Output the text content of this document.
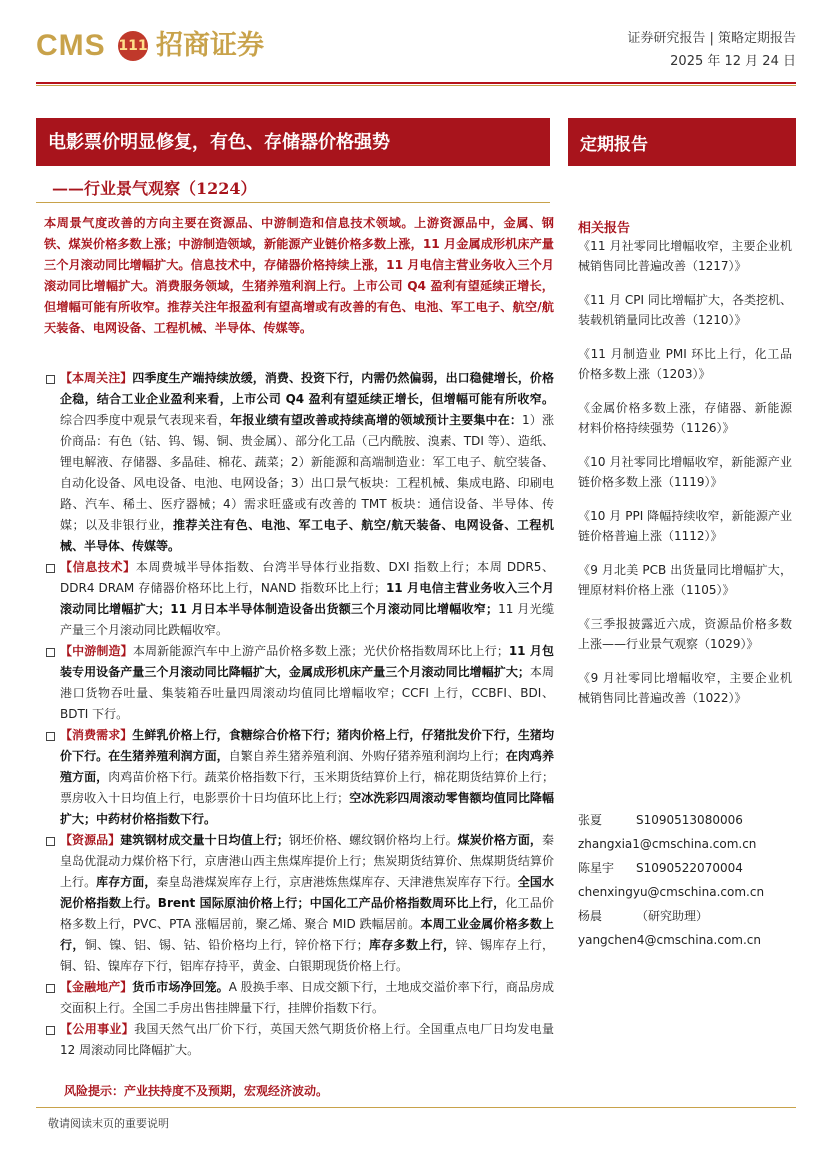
CMS 111 招商证券	证券研究报告 | 策略定期报告
2025 年 12 月 24 日
电影票价明显修复，有色、存储器价格强势
——行业景气观察（1224）
定期报告
本周景气度改善的方向主要在资源品、中游制造和信息技术领域。上游资源品中，金属、钢铁、煤炭价格多数上涨；中游制造领域，新能源产业链价格多数上涨，11 月金属成形机床产量三个月滚动同比增幅扩大。信息技术中，存储器价格持续上涨，11 月电信主营业务收入三个月滚动同比增幅扩大。消费服务领域，生猪养殖利润上行。上市公司 Q4 盈利有望延续正增长，但增幅可能有所收窄。推荐关注年报盈利有望高增或有改善的有色、电池、军工电子、航空/航天装备、电网设备、工程机械、半导体、传媒等。
【本周关注】四季度生产端持续放缓，消费、投资下行，内需仍然偏弱，出口稳健增长，价格企稳，结合工业企业盈利来看，上市公司 Q4 盈利有望延续正增长，但增幅可能有所收窄。综合四季度中观景气表现来看，年报业绩有望改善或持续高增的领域预计主要集中在：1）涨价商品：有色（钴、钨、锡、铜、贵金属）、部分化工品（己内酰胺、溴素、TDI 等）、造纸、锂电解液、存储器、多晶硅、棉花、蔬菜；2）新能源和高端制造业：军工电子、航空装备、自动化设备、风电设备、电池、电网设备；3）出口景气板块：工程机械、集成电路、印刷电路、汽车、稀土、医疗器械；4）需求旺盛或有改善的 TMT 板块：通信设备、半导体、传媒；以及非银行业，推荐关注有色、电池、军工电子、航空/航天装备、电网设备、工程机械、半导体、传媒等。
【信息技术】本周费城半导体指数、台湾半导体行业指数、DXI 指数上行；本周 DDR5、DDR4 DRAM 存储器价格环比上行，NAND 指数环比上行；11 月电信主营业务收入三个月滚动同比增幅扩大；11 月日本半导体制造设备出货额三个月滚动同比增幅收窄；11 月光缆产量三个月滚动同比跌幅收窄。
【中游制造】本周新能源汽车中上游产品价格多数上涨；光伏价格指数周环比上行；11 月包装专用设备产量三个月滚动同比降幅扩大，金属成形机床产量三个月滚动同比增幅扩大；本周港口货物吞吐量、集装箱吞吐量四周滚动均值同比增幅收窄；CCFI 上行，CCBFI、BDI、BDTI 下行。
【消费需求】生鲜乳价格上行，食糖综合价格下行；猪肉价格上行，仔猪批发价下行，生猪均价下行。在生猪养殖利润方面，自繁自养生猪养殖利润、外购仔猪养殖利润均上行；在肉鸡养殖方面，肉鸡苗价格下行。蔬菜价格指数下行，玉米期货结算价上行，棉花期货结算价上行；票房收入十日均值上行，电影票价十日均值环比上行；空冰洗彩四周滚动零售额均值同比降幅扩大；中药材价格指数下行。
【资源品】建筑钢材成交量十日均值上行；钢坯价格、螺纹钢价格均上行。煤炭价格方面，秦皇岛优混动力煤价格下行，京唐港山西主焦煤库提价上行；焦炭期货结算价、焦煤期货结算价上行。库存方面，秦皇岛港煤炭库存上行，京唐港炼焦煤库存、天津港焦炭库存下行。全国水泥价格指数上行。Brent 国际原油价格上行；中国化工产品价格指数周环比上行，化工品价格多数上行，PVC、PTA 涨幅居前，聚乙烯、聚合 MID 跌幅居前。本周工业金属价格多数上行，铜、镍、铝、锡、钴、铅价格均上行，锌价格下行；库存多数上行，锌、锡库存上行，铜、铅、镍库存下行，铝库存持平，黄金、白银期现货价格上行。
【金融地产】货币市场净回笼。A 股换手率、日成交额下行，土地成交溢价率下行，商品房成交面积上行。全国二手房出售挂牌量下行，挂牌价指数下行。
【公用事业】我国天然气出厂价下行，英国天然气期货价格上行。全国重点电厂日均发电量 12 周滚动同比降幅扩大。
风险提示：产业扶持度不及预期，宏观经济波动。
敬请阅读末页的重要说明
相关报告
《11 月社零同比增幅收窄，主要企业机械销售同比普遍改善（1217）》
《11 月 CPI 同比增幅扩大，各类挖机、装载机销量同比改善（1210）》
《11 月制造业 PMI 环比上行，化工品价格多数上涨（1203）》
《金属价格多数上涨，存储器、新能源材料价格持续强势（1126）》
《10 月社零同比增幅收窄，新能源产业链价格多数上涨（1119）》
《10 月 PPI 降幅持续收窄，新能源产业链价格普遍上涨（1112）》
《9 月北美 PCB 出货量同比增幅扩大，锂原材料价格上涨（1105）》
《三季报披露近六成，资源品价格多数上涨——行业景气观察（1029）》
《9 月社零同比增幅收窄，主要企业机械销售同比普遍改善（1022）》
张夏	S1090513080006
zhangxia1@cmschina.com.cn
陈星宇 S1090522070004
chenxingyu@cmschina.com.cn
杨晨	（研究助理）
yangchen4@cmschina.com.cn
